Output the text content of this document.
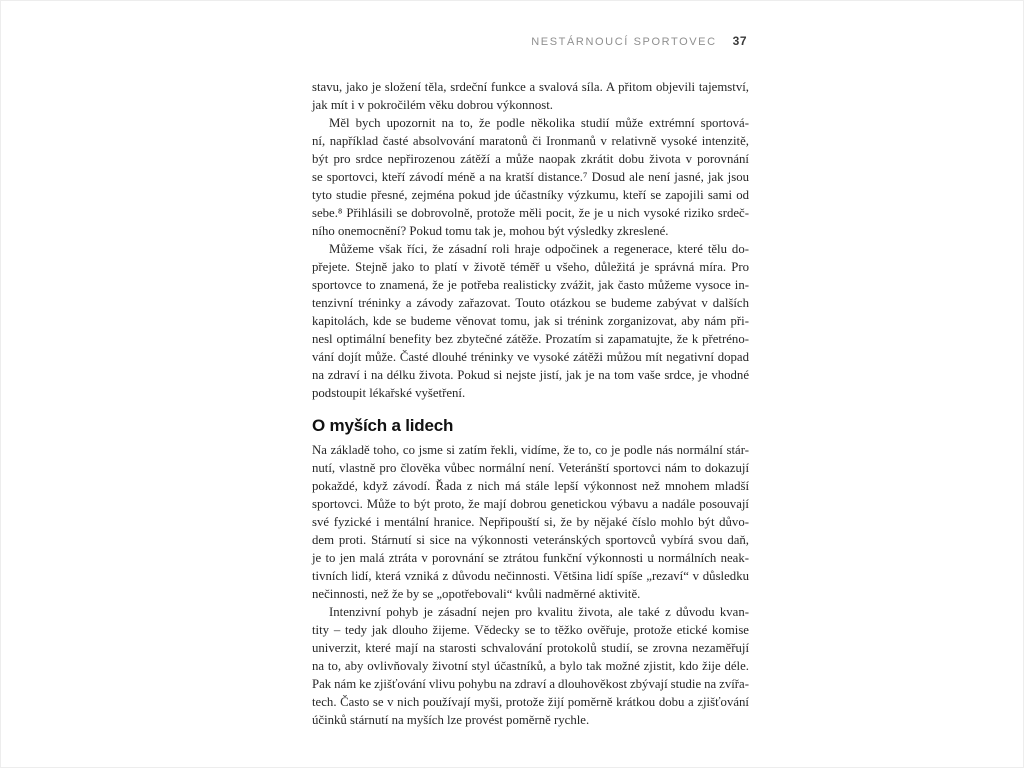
NESTÁRNOUCÍ SPORTOVEC 37
stavu, jako je složení těla, srdeční funkce a svalová síla. A přitom objevili tajemství,
jak mít i v pokročilém věku dobrou výkonnost.
Měl bych upozornit na to, že podle několika studií může extrémní sportová-
ní, například časté absolvování maratonů či Ironmanů v relativně vysoké intenzitě,
být pro srdce nepřirozenou zátěží a může naopak zkrátit dobu života v porovnání
se sportovci, kteří závodí méně a na kratší distance.⁷ Dosud ale není jasné, jak jsou
tyto studie přesné, zejména pokud jde účastníky výzkumu, kteří se zapojili sami od
sebe.⁸ Přihlásili se dobrovolně, protože měli pocit, že je u nich vysoké riziko srdeč-
ního onemocnění? Pokud tomu tak je, mohou být výsledky zkreslené.
Můžeme však říci, že zásadní roli hraje odpočinek a regenerace, které tělu do-
přejete. Stejně jako to platí v životě téměř u všeho, důležitá je správná míra. Pro
sportovce to znamená, že je potřeba realisticky zvážit, jak často můžeme vysoce in-
tenzivní tréninky a závody zařazovat. Touto otázkou se budeme zabývat v dalších
kapitolách, kde se budeme věnovat tomu, jak si trénink zorganizovat, aby nám při-
nesl optimální benefity bez zbytečné zátěže. Prozatím si zapamatujte, že k přetréno-
vání dojít může. Časté dlouhé tréninky ve vysoké zátěži můžou mít negativní dopad
na zdraví i na délku života. Pokud si nejste jistí, jak je na tom vaše srdce, je vhodné
podstoupit lékařské vyšetření.
O myších a lidech
Na základě toho, co jsme si zatím řekli, vidíme, že to, co je podle nás normální stár-
nutí, vlastně pro člověka vůbec normální není. Veteránští sportovci nám to dokazují
pokaždé, když závodí. Řada z nich má stále lepší výkonnost než mnohem mladší
sportovci. Může to být proto, že mají dobrou genetickou výbavu a nadále posouvají
své fyzické i mentální hranice. Nepřipouští si, že by nějaké číslo mohlo být důvo-
dem proti. Stárnutí si sice na výkonnosti veteránských sportovců vybírá svou daň,
je to jen malá ztráta v porovnání se ztrátou funkční výkonnosti u normálních neak-
tivních lidí, která vzniká z důvodu nečinnosti. Většina lidí spíše „rezaví“ v důsledku
nečinnosti, než že by se „opotřebovali“ kvůli nadměrné aktivitě.
Intenzivní pohyb je zásadní nejen pro kvalitu života, ale také z důvodu kvan-
tity – tedy jak dlouho žijeme. Vědecky se to těžko ověřuje, protože etické komise
univerzit, které mají na starosti schvalování protokolů studií, se zrovna nezaměřují
na to, aby ovlivňovaly životní styl účastníků, a bylo tak možné zjistit, kdo žije déle.
Pak nám ke zjišťování vlivu pohybu na zdraví a dlouhověkost zbývají studie na zvířa-
tech. Často se v nich používají myši, protože žijí poměrně krátkou dobu a zjišťování
účinků stárnutí na myších lze provést poměrně rychle.
